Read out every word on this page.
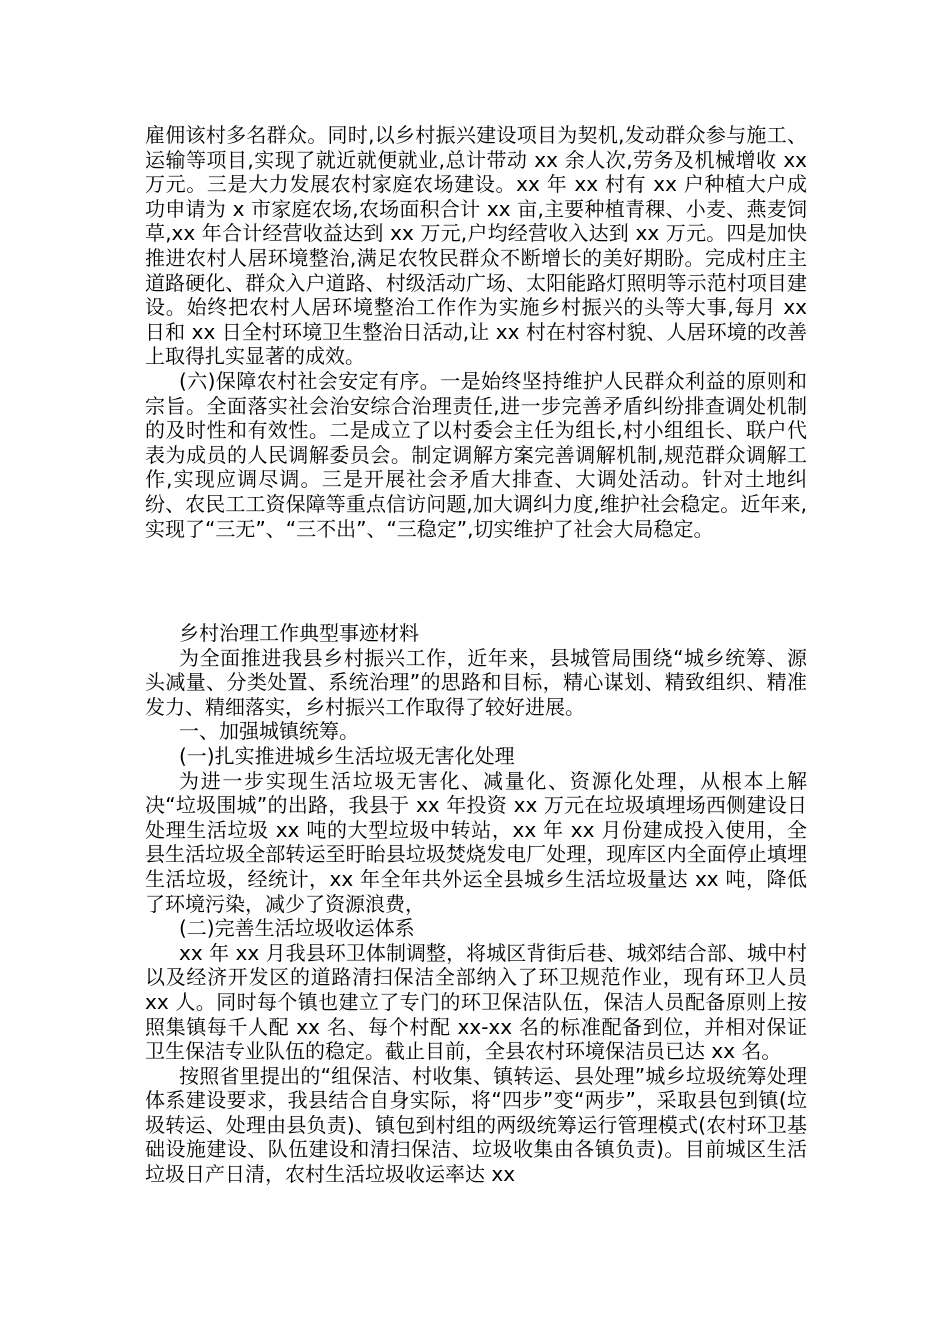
雇佣该村多名群众。同时,以乡村振兴建设项目为契机,发动群众参与施工、运输等项目,实现了就近就便就业,总计带动 xx 余人次,劳务及机械增收 xx 万元。三是大力发展农村家庭农场建设。xx 年 xx 村有 xx 户种植大户成功申请为 x 市家庭农场,农场面积合计 xx 亩,主要种植青稞、小麦、燕麦饲草,xx 年合计经营收益达到 xx 万元,户均经营收入达到 xx 万元。四是加快推进农村人居环境整治,满足农牧民群众不断增长的美好期盼。完成村庄主道路硬化、群众入户道路、村级活动广场、太阳能路灯照明等示范村项目建设。始终把农村人居环境整治工作作为实施乡村振兴的头等大事,每月 xx 日和 xx 日全村环境卫生整治日活动,让 xx 村在村容村貌、人居环境的改善上取得扎实显著的成效。

(六)保障农村社会安定有序。一是始终坚持维护人民群众利益的原则和宗旨。全面落实社会治安综合治理责任,进一步完善矛盾纠纷排查调处机制的及时性和有效性。二是成立了以村委会主任为组长,村小组组长、联户代表为成员的人民调解委员会。制定调解方案完善调解机制,规范群众调解工作,实现应调尽调。三是开展社会矛盾大排查、大调处活动。针对土地纠纷、农民工工资保障等重点信访问题,加大调纠力度,维护社会稳定。近年来,实现了“三无”、“三不出”、“三稳定”,切实维护了社会大局稳定。

乡村治理工作典型事迹材料

为全面推进我县乡村振兴工作，近年来，县城管局围绕“城乡统筹、源头减量、分类处置、系统治理”的思路和目标，精心谋划、精致组织、精准发力、精细落实，乡村振兴工作取得了较好进展。

一、加强城镇统筹。

(一)扎实推进城乡生活垃圾无害化处理

为进一步实现生活垃圾无害化、减量化、资源化处理，从根本上解决“垃圾围城”的出路，我县于 xx 年投资 xx 万元在垃圾填埋场西侧建设日处理生活垃圾 xx 吨的大型垃圾中转站，xx 年 xx 月份建成投入使用，全县生活垃圾全部转运至盱眙县垃圾焚烧发电厂处理，现库区内全面停止填埋生活垃圾，经统计，xx 年全年共外运全县城乡生活垃圾量达 xx 吨，降低了环境污染，减少了资源浪费，

(二)完善生活垃圾收运体系

xx 年 xx 月我县环卫体制调整，将城区背街后巷、城郊结合部、城中村以及经济开发区的道路清扫保洁全部纳入了环卫规范作业，现有环卫人员 xx 人。同时每个镇也建立了专门的环卫保洁队伍，保洁人员配备原则上按照集镇每千人配 xx 名、每个村配 xx-xx 名的标准配备到位，并相对保证卫生保洁专业队伍的稳定。截止目前，全县农村环境保洁员已达 xx 名。

按照省里提出的“组保洁、村收集、镇转运、县处理”城乡垃圾统筹处理体系建设要求，我县结合自身实际，将“四步”变“两步”，采取县包到镇(垃圾转运、处理由县负责)、镇包到村组的两级统筹运行管理模式(农村环卫基础设施建设、队伍建设和清扫保洁、垃圾收集由各镇负责)。目前城区生活垃圾日产日清，农村生活垃圾收运率达 xx
